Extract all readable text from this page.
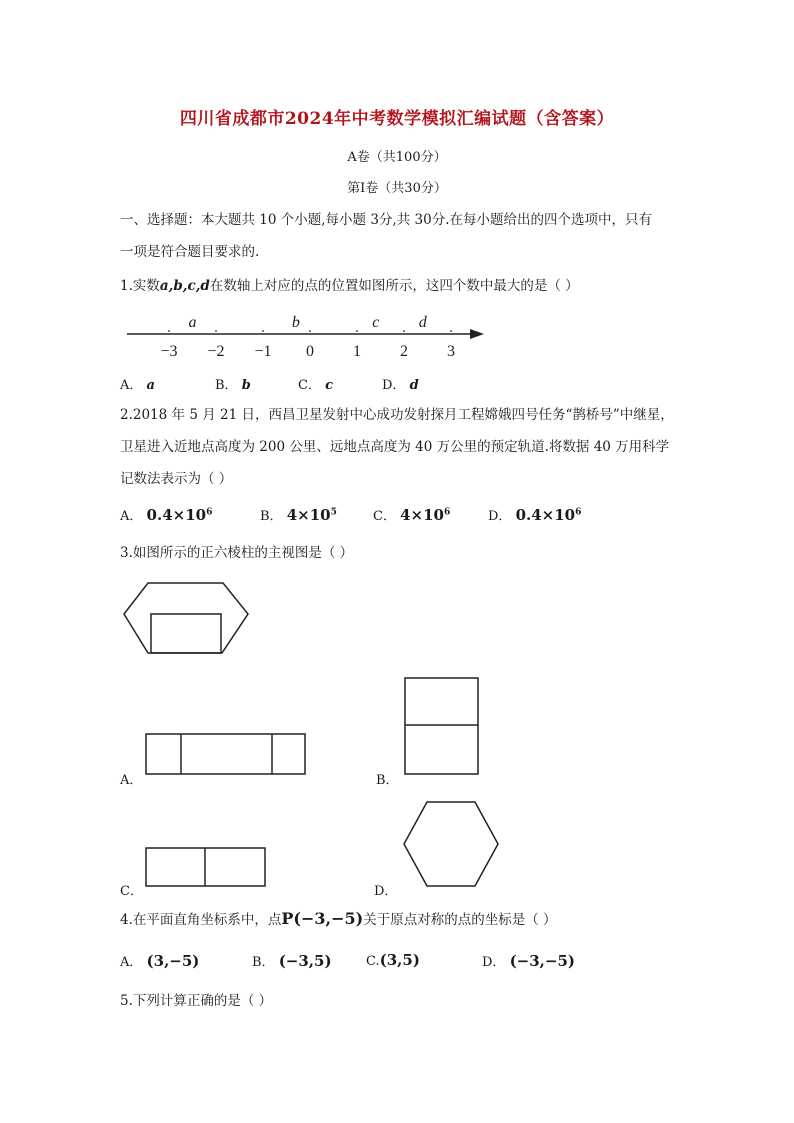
四川省成都市2024年中考数学模拟汇编试题（含答案）
A卷（共100分）
第Ⅰ卷（共30分）
一、选择题：本大题共 10 个小题,每小题 3分,共 30分.在每小题给出的四个选项中，只有
一项是符合题目要求的.
1.实数a,b,c,d在数轴上对应的点的位置如图所示，这四个数中最大的是（ ）
−3 −2 −1 0 1 2 3
a	b	c d
A． a	B． b	C． c	D． d
2.2018 年 5 月 21 日，西昌卫星发射中心成功发射探月工程嫦娥四号任务“鹊桥号”中继星，
卫星进入近地点高度为 200 公里、远地点高度为 40 万公里的预定轨道.将数据 40 万用科学
记数法表示为（ ）
A． $0.4\times 10^6$	B． $4\times 10^5$	C． $4\times 10^6$	D． $0.4\times 10^6$
3.如图所示的正六棱柱的主视图是（ ）
A．	B．
C．	D．
4.在平面直角坐标系中，点P(−3,−5)关于原点对称的点的坐标是（ ）
A． (3,−5)	B． (−3,5)	C.(3,5)	D． (−3,−5)
5.下列计算正确的是（ ）
